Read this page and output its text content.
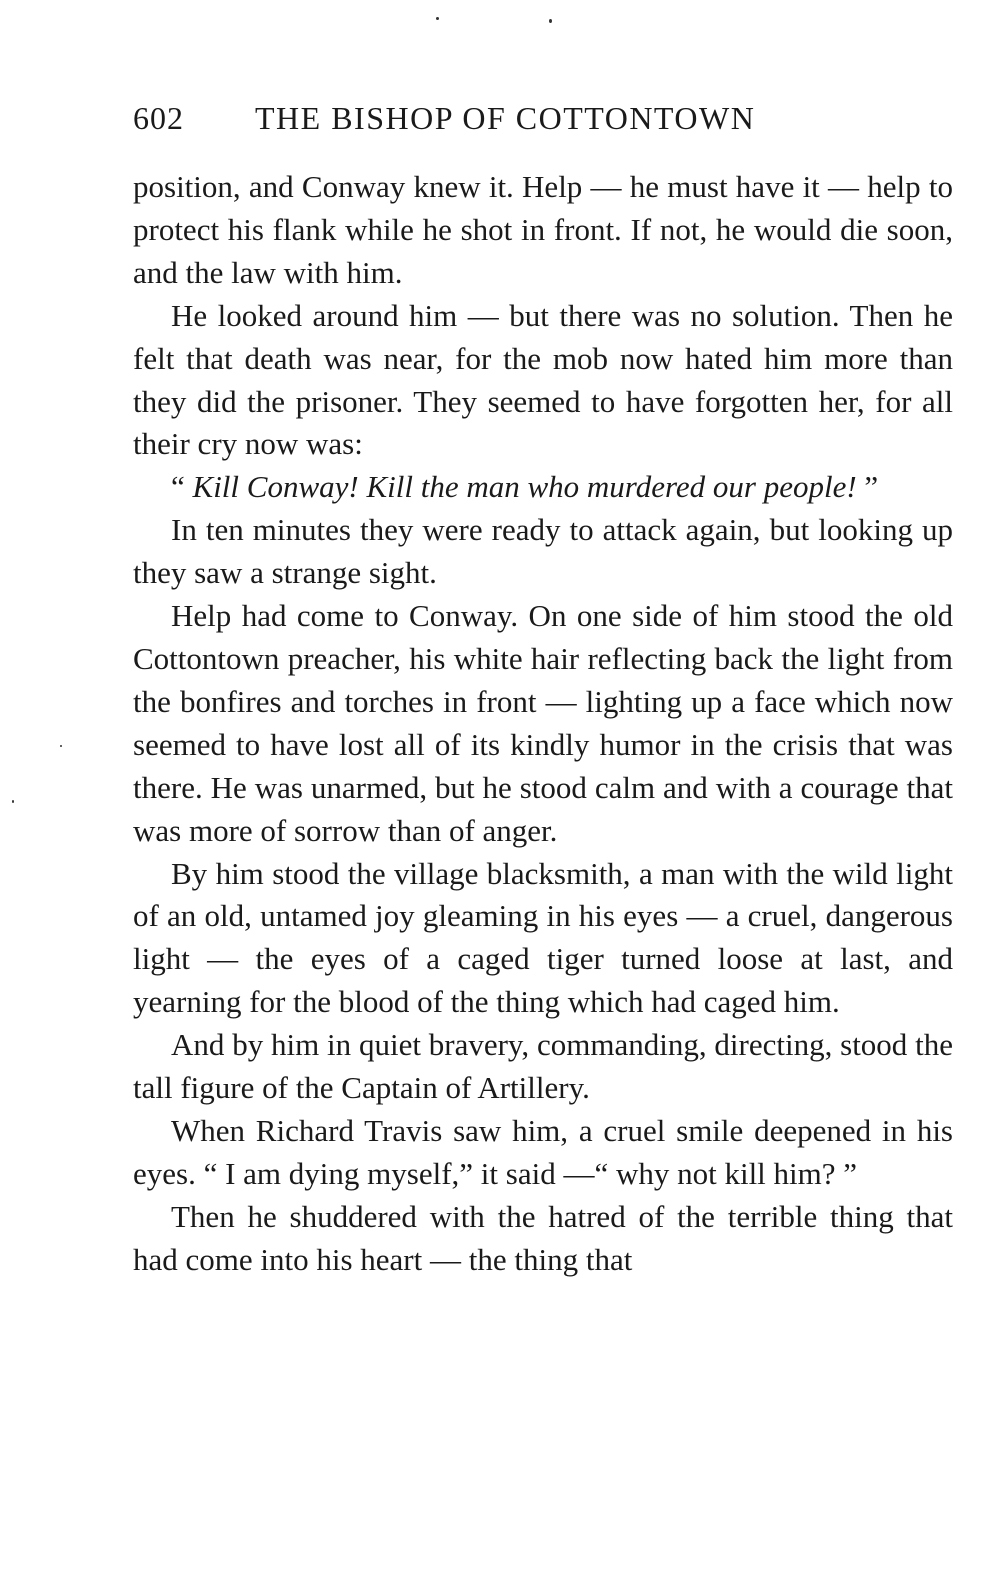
602 THE BISHOP OF COTTONTOWN

position, and Conway knew it. Help — he must have it — help to protect his flank while he shot in front. If not, he would die soon, and the law with him.

He looked around him — but there was no solution. Then he felt that death was near, for the mob now hated him more than they did the prisoner. They seemed to have forgotten her, for all their cry now was:

“ Kill Conway! Kill the man who murdered our people! ”

In ten minutes they were ready to attack again, but looking up they saw a strange sight.

Help had come to Conway. On one side of him stood the old Cottontown preacher, his white hair reflecting back the light from the bonfires and torches in front — lighting up a face which now seemed to have lost all of its kindly humor in the crisis that was there. He was unarmed, but he stood calm and with a courage that was more of sorrow than of anger.

By him stood the village blacksmith, a man with the wild light of an old, untamed joy gleaming in his eyes — a cruel, dangerous light — the eyes of a caged tiger turned loose at last, and yearning for the blood of the thing which had caged him.

And by him in quiet bravery, commanding, directing, stood the tall figure of the Captain of Artillery.

When Richard Travis saw him, a cruel smile deepened in his eyes. “ I am dying myself,” it said —“ why not kill him? ”

Then he shuddered with the hatred of the terrible thing that had come into his heart — the thing that
